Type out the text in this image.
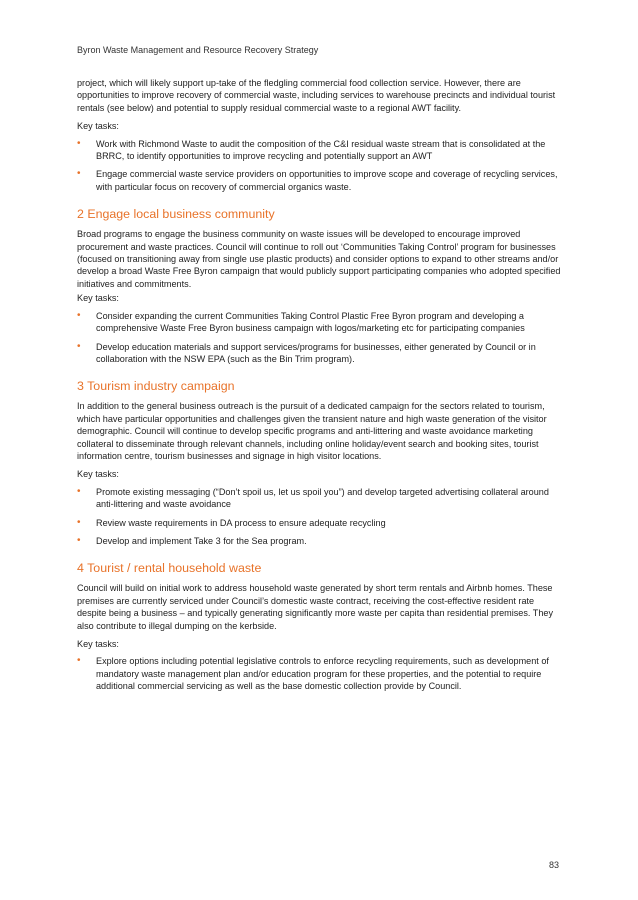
Byron Waste Management and Resource Recovery Strategy

project, which will likely support up-take of the fledgling commercial food collection service. However, there are opportunities to improve recovery of commercial waste, including services to warehouse precincts and individual tourist rentals (see below) and potential to supply residual commercial waste to a regional AWT facility.

Key tasks:

• Work with Richmond Waste to audit the composition of the C&I residual waste stream that is consolidated at the BRRC, to identify opportunities to improve recycling and potentially support an AWT
• Engage commercial waste service providers on opportunities to improve scope and coverage of recycling services, with particular focus on recovery of commercial organics waste.
2 Engage local business community

Broad programs to engage the business community on waste issues will be developed to encourage improved procurement and waste practices. Council will continue to roll out ‘Communities Taking Control’ program for businesses (focused on transitioning away from single use plastic products) and consider options to expand to other streams and/or develop a broad Waste Free Byron campaign that would publicly support participating companies who adopted specified initiatives and commitments.

Key tasks:

• Consider expanding the current Communities Taking Control Plastic Free Byron program and developing a comprehensive Waste Free Byron business campaign with logos/marketing etc for participating companies
• Develop education materials and support services/programs for businesses, either generated by Council or in collaboration with the NSW EPA (such as the Bin Trim program).
3 Tourism industry campaign

In addition to the general business outreach is the pursuit of a dedicated campaign for the sectors related to tourism, which have particular opportunities and challenges given the transient nature and high waste generation of the visitor demographic. Council will continue to develop specific programs and anti-littering and waste avoidance marketing collateral to disseminate through relevant channels, including online holiday/event search and booking sites, tourist information centre, tourism businesses and signage in high visitor locations.

Key tasks:

• Promote existing messaging (“Don’t spoil us, let us spoil you”) and develop targeted advertising collateral around anti-littering and waste avoidance
• Review waste requirements in DA process to ensure adequate recycling
• Develop and implement Take 3 for the Sea program.
4 Tourist / rental household waste

Council will build on initial work to address household waste generated by short term rentals and Airbnb homes. These premises are currently serviced under Council’s domestic waste contract, receiving the cost-effective resident rate despite being a business – and typically generating significantly more waste per capita than residential premises. They also contribute to illegal dumping on the kerbside.

Key tasks:

• Explore options including potential legislative controls to enforce recycling requirements, such as development of mandatory waste management plan and/or education program for these properties, and the potential to require additional commercial servicing as well as the base domestic collection provide by Council.
83
